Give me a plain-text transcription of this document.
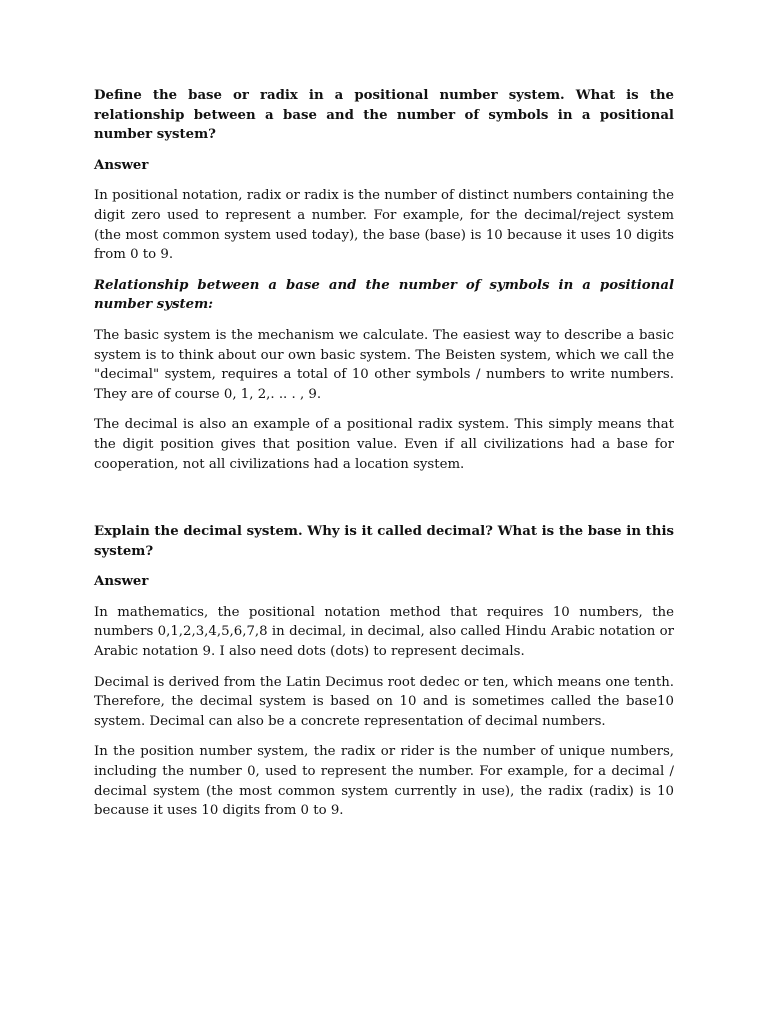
Define the base or radix in a positional number system. What is the relationship between a base and the number of symbols in a positional number system?

Answer

In positional notation, radix or radix is the number of distinct numbers containing the digit zero used to represent a number. For example, for the decimal/reject system (the most common system used today), the base (base) is 10 because it uses 10 digits from 0 to 9.

Relationship between a base and the number of symbols in a positional number system:

The basic system is the mechanism we calculate. The easiest way to describe a basic system is to think about our own basic system. The Beisten system, which we call the "decimal" system, requires a total of 10 other symbols / numbers to write numbers. They are of course 0, 1, 2,. .. . , 9.

The decimal is also an example of a positional radix system. This simply means that the digit position gives that position value. Even if all civilizations had a base for cooperation, not all civilizations had a location system.

Explain the decimal system. Why is it called decimal? What is the base in this system?

Answer

In mathematics, the positional notation method that requires 10 numbers, the numbers 0,1,2,3,4,5,6,7,8 in decimal, in decimal, also called Hindu Arabic notation or Arabic notation 9. I also need dots (dots) to represent decimals.

Decimal is derived from the Latin Decimus root dedec or ten, which means one tenth. Therefore, the decimal system is based on 10 and is sometimes called the base10 system. Decimal can also be a concrete representation of decimal numbers.

In the position number system, the radix or rider is the number of unique numbers, including the number 0, used to represent the number. For example, for a decimal / decimal system (the most common system currently in use), the radix (radix) is 10 because it uses 10 digits from 0 to 9.
